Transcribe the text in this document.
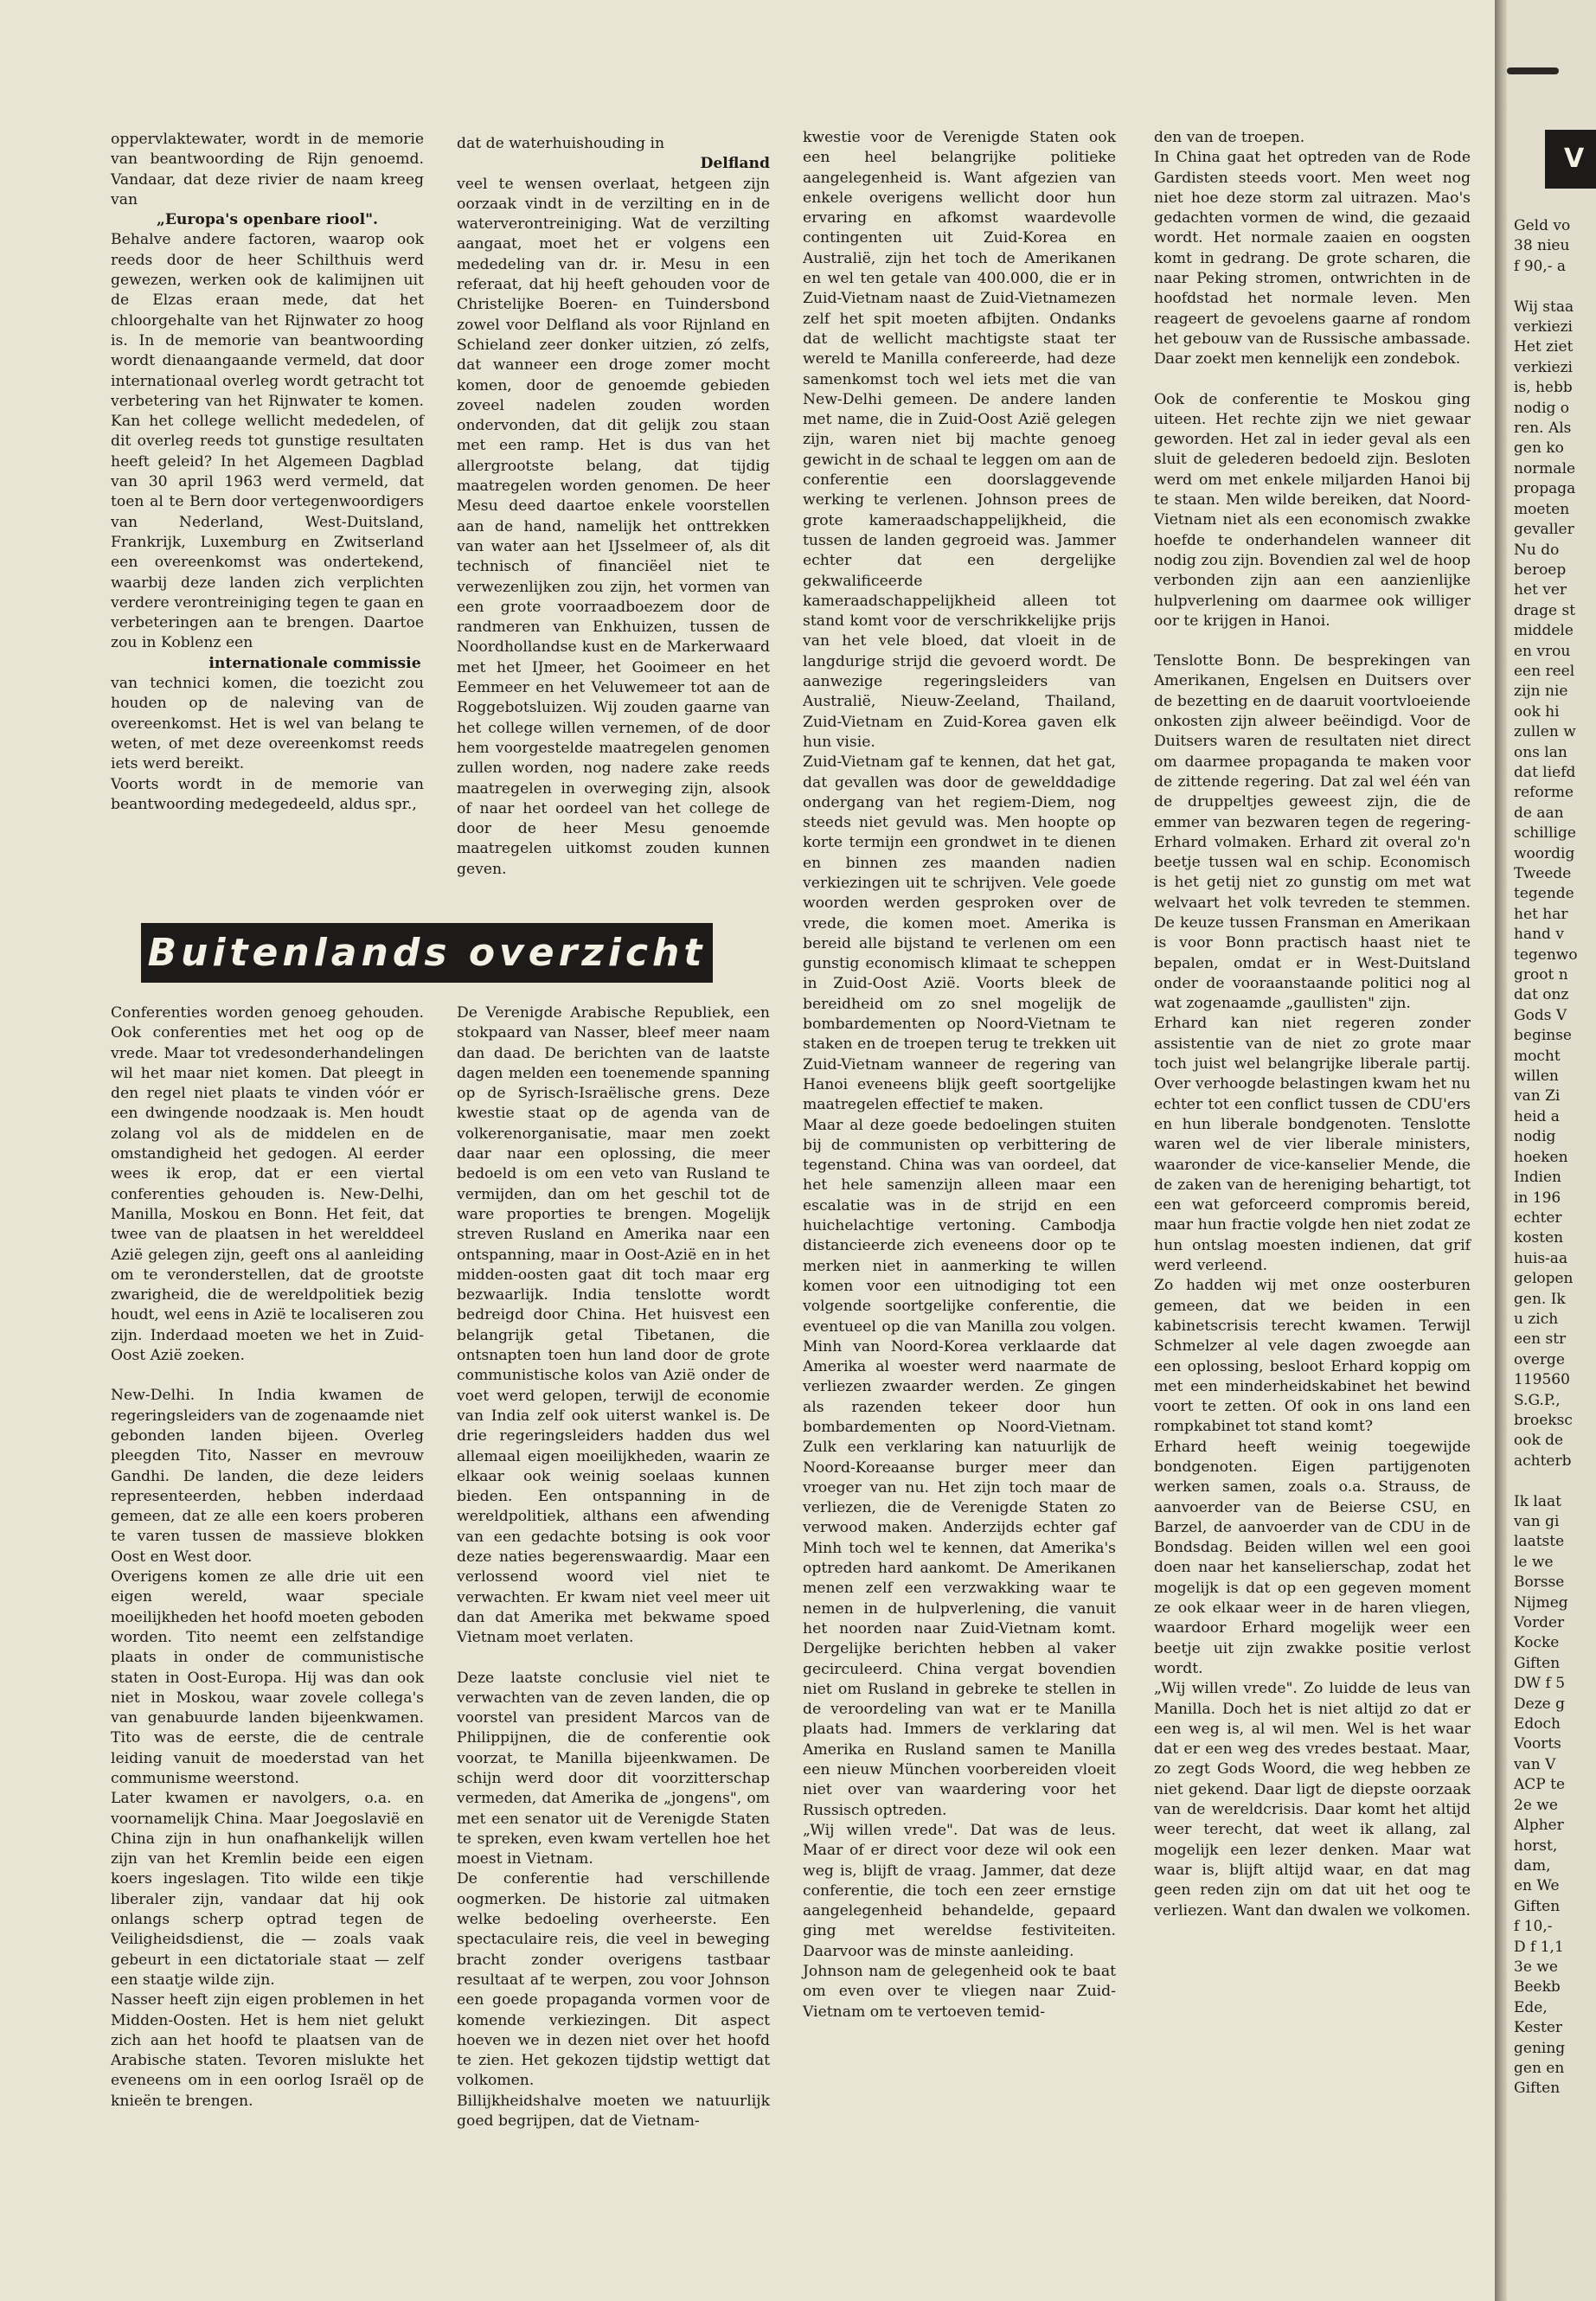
oppervlaktewater, wordt in de memorie van beantwoording de Rijn genoemd. Vandaar, dat deze rivier de naam kreeg van

„Europa's openbare riool".

Behalve andere factoren, waarop ook reeds door de heer Schilthuis werd gewezen, werken ook de kalimijnen uit de Elzas eraan mede, dat het chloorgehalte van het Rijnwater zo hoog is. In de memorie van beantwoording wordt dienaangaande vermeld, dat door internationaal overleg wordt getracht tot verbetering van het Rijnwater te komen. Kan het college wellicht mededelen, of dit overleg reeds tot gunstige resultaten heeft geleid? In het Algemeen Dagblad van 30 april 1963 werd vermeld, dat toen al te Bern door vertegenwoordigers van Nederland, West-Duitsland, Frankrijk, Luxemburg en Zwitserland een overeenkomst was ondertekend, waarbij deze landen zich verplichten verdere verontreiniging tegen te gaan en verbeteringen aan te brengen. Daartoe zou in Koblenz een

internationale commissie

van technici komen, die toezicht zou houden op de naleving van de overeenkomst. Het is wel van belang te weten, of met deze overeenkomst reeds iets werd bereikt.

Voorts wordt in de memorie van beantwoording medegedeeld, aldus spr.,

dat de waterhuishouding in

Delfland

veel te wensen overlaat, hetgeen zijn oorzaak vindt in de verzilting en in de waterverontreiniging. Wat de verzilting aangaat, moet het er volgens een mededeling van dr. ir. Mesu in een referaat, dat hij heeft gehouden voor de Christelijke Boeren- en Tuindersbond zowel voor Delfland als voor Rijnland en Schieland zeer donker uitzien, zó zelfs, dat wanneer een droge zomer mocht komen, door de genoemde gebieden zoveel nadelen zouden worden ondervonden, dat dit gelijk zou staan met een ramp. Het is dus van het allergrootste belang, dat tijdig maatregelen worden genomen. De heer Mesu deed daartoe enkele voorstellen aan de hand, namelijk het onttrekken van water aan het IJsselmeer of, als dit technisch of financiëel niet te verwezenlijken zou zijn, het vormen van een grote voorraadboezem door de randmeren van Enkhuizen, tussen de Noordhollandse kust en de Markerwaard met het IJmeer, het Gooimeer en het Eemmeer en het Veluwemeer tot aan de Roggebotsluizen. Wij zouden gaarne van het college willen vernemen, of de door hem voorgestelde maatregelen genomen zullen worden, nog nadere zake reeds maatregelen in overweging zijn, alsook of naar het oordeel van het college de door de heer Mesu genoemde maatregelen uitkomst zouden kunnen geven.

Buitenlands overzicht

Conferenties worden genoeg gehouden. Ook conferenties met het oog op de vrede. Maar tot vredesonderhandelingen wil het maar niet komen. Dat pleegt in den regel niet plaats te vinden vóór er een dwingende noodzaak is. Men houdt zolang vol als de middelen en de omstandigheid het gedogen. Al eerder wees ik erop, dat er een viertal conferenties gehouden is. New-Delhi, Manilla, Moskou en Bonn. Het feit, dat twee van de plaatsen in het werelddeel Azië gelegen zijn, geeft ons al aanleiding om te veronderstellen, dat de grootste zwarigheid, die de wereldpolitiek bezig houdt, wel eens in Azië te localiseren zou zijn. Inderdaad moeten we het in Zuid-Oost Azië zoeken.

New-Delhi. In India kwamen de regeringsleiders van de zogenaamde niet gebonden landen bijeen. Overleg pleegden Tito, Nasser en mevrouw Gandhi. De landen, die deze leiders representeerden, hebben inderdaad gemeen, dat ze alle een koers proberen te varen tussen de massieve blokken Oost en West door.

Overigens komen ze alle drie uit een eigen wereld, waar speciale moeilijkheden het hoofd moeten geboden worden. Tito neemt een zelfstandige plaats in onder de communistische staten in Oost-Europa. Hij was dan ook niet in Moskou, waar zovele collega's van genabuurde landen bijeenkwamen. Tito was de eerste, die de centrale leiding vanuit de moederstad van het communisme weerstond.

Later kwamen er navolgers, o.a. en voornamelijk China. Maar Joegoslavië en China zijn in hun onafhankelijk willen zijn van het Kremlin beide een eigen koers ingeslagen. Tito wilde een tikje liberaler zijn, vandaar dat hij ook onlangs scherp optrad tegen de Veiligheidsdienst, die — zoals vaak gebeurt in een dictatoriale staat — zelf een staatje wilde zijn.

Nasser heeft zijn eigen problemen in het Midden-Oosten. Het is hem niet gelukt zich aan het hoofd te plaatsen van de Arabische staten. Tevoren mislukte het eveneens om in een oorlog Israël op de knieën te brengen.

De Verenigde Arabische Republiek, een stokpaard van Nasser, bleef meer naam dan daad. De berichten van de laatste dagen melden een toenemende spanning op de Syrisch-Israëlische grens. Deze kwestie staat op de agenda van de volkerenorganisatie, maar men zoekt daar naar een oplossing, die meer bedoeld is om een veto van Rusland te vermijden, dan om het geschil tot de ware proporties te brengen. Mogelijk streven Rusland en Amerika naar een ontspanning, maar in Oost-Azië en in het midden-oosten gaat dit toch maar erg bezwaarlijk. India tenslotte wordt bedreigd door China. Het huisvest een belangrijk getal Tibetanen, die ontsnapten toen hun land door de grote communistische kolos van Azië onder de voet werd gelopen, terwijl de economie van India zelf ook uiterst wankel is. De drie regeringsleiders hadden dus wel allemaal eigen moeilijkheden, waarin ze elkaar ook weinig soelaas kunnen bieden. Een ontspanning in de wereldpolitiek, althans een afwending van een gedachte botsing is ook voor deze naties begerenswaardig. Maar een verlossend woord viel niet te verwachten. Er kwam niet veel meer uit dan dat Amerika met bekwame spoed Vietnam moet verlaten.

Deze laatste conclusie viel niet te verwachten van de zeven landen, die op voorstel van president Marcos van de Philippijnen, die de conferentie ook voorzat, te Manilla bijeenkwamen. De schijn werd door dit voorzitterschap vermeden, dat Amerika de „jongens", om met een senator uit de Verenigde Staten te spreken, even kwam vertellen hoe het moest in Vietnam.

De conferentie had verschillende oogmerken. De historie zal uitmaken welke bedoeling overheerste. Een spectaculaire reis, die veel in beweging bracht zonder overigens tastbaar resultaat af te werpen, zou voor Johnson een goede propaganda vormen voor de komende verkiezingen. Dit aspect hoeven we in dezen niet over het hoofd te zien. Het gekozen tijdstip wettigt dat volkomen.

Billijkheidshalve moeten we natuurlijk goed begrijpen, dat de Vietnam-

kwestie voor de Verenigde Staten ook een heel belangrijke politieke aangelegenheid is. Want afgezien van enkele overigens wellicht door hun ervaring en afkomst waardevolle contingenten uit Zuid-Korea en Australië, zijn het toch de Amerikanen en wel ten getale van 400.000, die er in Zuid-Vietnam naast de Zuid-Vietnamezen zelf het spit moeten afbijten. Ondanks dat de wellicht machtigste staat ter wereld te Manilla confereerde, had deze samenkomst toch wel iets met die van New-Delhi gemeen. De andere landen met name, die in Zuid-Oost Azië gelegen zijn, waren niet bij machte genoeg gewicht in de schaal te leggen om aan de conferentie een doorslaggevende werking te verlenen. Johnson prees de grote kameraadschappelijkheid, die tussen de landen gegroeid was. Jammer echter dat een dergelijke gekwalificeerde kameraadschappelijkheid alleen tot stand komt voor de verschrikkelijke prijs van het vele bloed, dat vloeit in de langdurige strijd die gevoerd wordt. De aanwezige regeringsleiders van Australië, Nieuw-Zeeland, Thailand, Zuid-Vietnam en Zuid-Korea gaven elk hun visie.

Zuid-Vietnam gaf te kennen, dat het gat, dat gevallen was door de gewelddadige ondergang van het regiem-Diem, nog steeds niet gevuld was. Men hoopte op korte termijn een grondwet in te dienen en binnen zes maanden nadien verkiezingen uit te schrijven. Vele goede woorden werden gesproken over de vrede, die komen moet. Amerika is bereid alle bijstand te verlenen om een gunstig economisch klimaat te scheppen in Zuid-Oost Azië. Voorts bleek de bereidheid om zo snel mogelijk de bombardementen op Noord-Vietnam te staken en de troepen terug te trekken uit Zuid-Vietnam wanneer de regering van Hanoi eveneens blijk geeft soortgelijke maatregelen effectief te maken.

Maar al deze goede bedoelingen stuiten bij de communisten op verbittering de tegenstand. China was van oordeel, dat het hele samenzijn alleen maar een escalatie was in de strijd en een huichelachtige vertoning. Cambodja distancieerde zich eveneens door op te merken niet in aanmerking te willen komen voor een uitnodiging tot een volgende soortgelijke conferentie, die eventueel op die van Manilla zou volgen. Minh van Noord-Korea verklaarde dat Amerika al woester werd naarmate de verliezen zwaarder werden. Ze gingen als razenden tekeer door hun bombardementen op Noord-Vietnam. Zulk een verklaring kan natuurlijk de Noord-Koreaanse burger meer dan vroeger van nu. Het zijn toch maar de verliezen, die de Verenigde Staten zo verwood maken. Anderzijds echter gaf Minh toch wel te kennen, dat Amerika's optreden hard aankomt. De Amerikanen menen zelf een verzwakking waar te nemen in de hulpverlening, die vanuit het noorden naar Zuid-Vietnam komt. Dergelijke berichten hebben al vaker gecirculeerd. China vergat bovendien niet om Rusland in gebreke te stellen in de veroordeling van wat er te Manilla plaats had. Immers de verklaring dat Amerika en Rusland samen te Manilla een nieuw München voorbereiden vloeit niet over van waardering voor het Russisch optreden.

„Wij willen vrede". Dat was de leus. Maar of er direct voor deze wil ook een weg is, blijft de vraag. Jammer, dat deze conferentie, die toch een zeer ernstige aangelegenheid behandelde, gepaard ging met wereldse festiviteiten. Daarvoor was de minste aanleiding.

Johnson nam de gelegenheid ook te baat om even over te vliegen naar Zuid-Vietnam om te vertoeven temid-

den van de troepen.

In China gaat het optreden van de Rode Gardisten steeds voort. Men weet nog niet hoe deze storm zal uitrazen. Mao's gedachten vormen de wind, die gezaaid wordt. Het normale zaaien en oogsten komt in gedrang. De grote scharen, die naar Peking stromen, ontwrichten in de hoofdstad het normale leven. Men reageert de gevoelens gaarne af rondom het gebouw van de Russische ambassade. Daar zoekt men kennelijk een zondebok.

Ook de conferentie te Moskou ging uiteen. Het rechte zijn we niet gewaar geworden. Het zal in ieder geval als een sluit de gelederen bedoeld zijn. Besloten werd om met enkele miljarden Hanoi bij te staan. Men wilde bereiken, dat Noord-Vietnam niet als een economisch zwakke hoefde te onderhandelen wanneer dit nodig zou zijn. Bovendien zal wel de hoop verbonden zijn aan een aanzienlijke hulpverlening om daarmee ook williger oor te krijgen in Hanoi.

Tenslotte Bonn. De besprekingen van Amerikanen, Engelsen en Duitsers over de bezetting en de daaruit voortvloeiende onkosten zijn alweer beëindigd. Voor de Duitsers waren de resultaten niet direct om daarmee propaganda te maken voor de zittende regering. Dat zal wel één van de druppeltjes geweest zijn, die de emmer van bezwaren tegen de regering-Erhard volmaken. Erhard zit overal zo'n beetje tussen wal en schip. Economisch is het getij niet zo gunstig om met wat welvaart het volk tevreden te stemmen. De keuze tussen Fransman en Amerikaan is voor Bonn practisch haast niet te bepalen, omdat er in West-Duitsland onder de vooraanstaande politici nog al wat zogenaamde „gaullisten" zijn.

Erhard kan niet regeren zonder assistentie van de niet zo grote maar toch juist wel belangrijke liberale partij. Over verhoogde belastingen kwam het nu echter tot een conflict tussen de CDU'ers en hun liberale bondgenoten. Tenslotte waren wel de vier liberale ministers, waaronder de vice-kanselier Mende, die de zaken van de hereniging behartigt, tot een wat geforceerd compromis bereid, maar hun fractie volgde hen niet zodat ze hun ontslag moesten indienen, dat grif werd verleend.

Zo hadden wij met onze oosterburen gemeen, dat we beiden in een kabinetscrisis terecht kwamen. Terwijl Schmelzer al vele dagen zwoegde aan een oplossing, besloot Erhard koppig om met een minderheidskabinet het bewind voort te zetten. Of ook in ons land een rompkabinet tot stand komt?

Erhard heeft weinig toegewijde bondgenoten. Eigen partijgenoten werken samen, zoals o.a. Strauss, de aanvoerder van de Beierse CSU, en Barzel, de aanvoerder van de CDU in de Bondsdag. Beiden willen wel een gooi doen naar het kanselierschap, zodat het mogelijk is dat op een gegeven moment ze ook elkaar weer in de haren vliegen, waardoor Erhard mogelijk weer een beetje uit zijn zwakke positie verlost wordt.

„Wij willen vrede". Zo luidde de leus van Manilla. Doch het is niet altijd zo dat er een weg is, al wil men. Wel is het waar dat er een weg des vredes bestaat. Maar, zo zegt Gods Woord, die weg hebben ze niet gekend. Daar ligt de diepste oorzaak van de wereldcrisis. Daar komt het altijd weer terecht, dat weet ik allang, zal mogelijk een lezer denken. Maar wat waar is, blijft altijd waar, en dat mag geen reden zijn om dat uit het oog te verliezen. Want dan dwalen we volkomen.

V
Geld vo
38 nieu
f 90,- a

Wij staa
verkiezi
Het ziet
verkiezi
is, hebb
nodig o
ren. Als
gen ko
normale
propaga
moeten
gevaller
Nu do
beroep
het ver
drage st
middele
en vrou
een reel
zijn nie
ook hi
zullen w
ons lan
dat liefd
reforme
de aan
schillige
woordig
Tweede
tegende
het har
hand v
tegenwo
groot n
dat onz
Gods V
beginse
mocht
willen
van Zi
heid a
nodig
hoeken
Indien
in 196
echter
kosten
huis-aa
gelopen
gen. Ik
u zich
een str
overge
119560
S.G.P.,
broeksc
ook de
achterb

Ik laat
van gi
laatste
le we
Borsse
Nijmeg
Vorder
Kocke
Giften
DW f 5
Deze g
Edoch
Voorts
van V
ACP te
2e we
Alpher
horst,
dam,
en We
Giften
f 10,-
D f 1,1
3e we
Beekb
Ede,
Kester
gening
gen en
Giften
